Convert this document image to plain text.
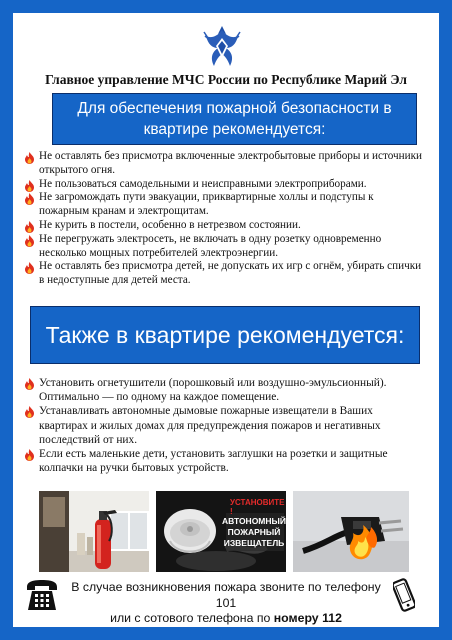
Главное управление МЧС России по Республике Марий Эл
Для обеспечения пожарной безопасности в
квартире рекомендуется:
Не оставлять без присмотра включенные электробытовые приборы и источники открытого огня.
Не пользоваться самодельными и неисправными электроприборами.
Не загромождать пути эвакуации, приквартирные холлы и подступы к пожарным кранам и электрощитам.
Не курить в постели, особенно в нетрезвом состоянии.
Не перегружать электросеть, не включать в одну розетку одновременно несколько мощных потребителей электроэнергии.
Не оставлять без присмотра детей, не допускать их игр с огнём, убирать спички в недоступные для детей места.
Также в квартире рекомендуется:
Установить огнетушители (порошковый или воздушно-эмульсионный). Оптимально — по одному на каждое помещение.
Устанавливать автономные дымовые пожарные извещатели в Ваших квартирах и жилых домах для предупреждения пожаров и негативных последствий от них.
Если есть маленькие дети, установить заглушки на розетки и защитные колпачки на ручки бытовых устройств.
УСТАНОВИТЕ !
АВТОНОМНЫЙ
ПОЖАРНЫЙ
ИЗВЕЩАТЕЛЬ
В случае возникновения пожара звоните по телефону 101
или с сотового телефона по номеру 112
